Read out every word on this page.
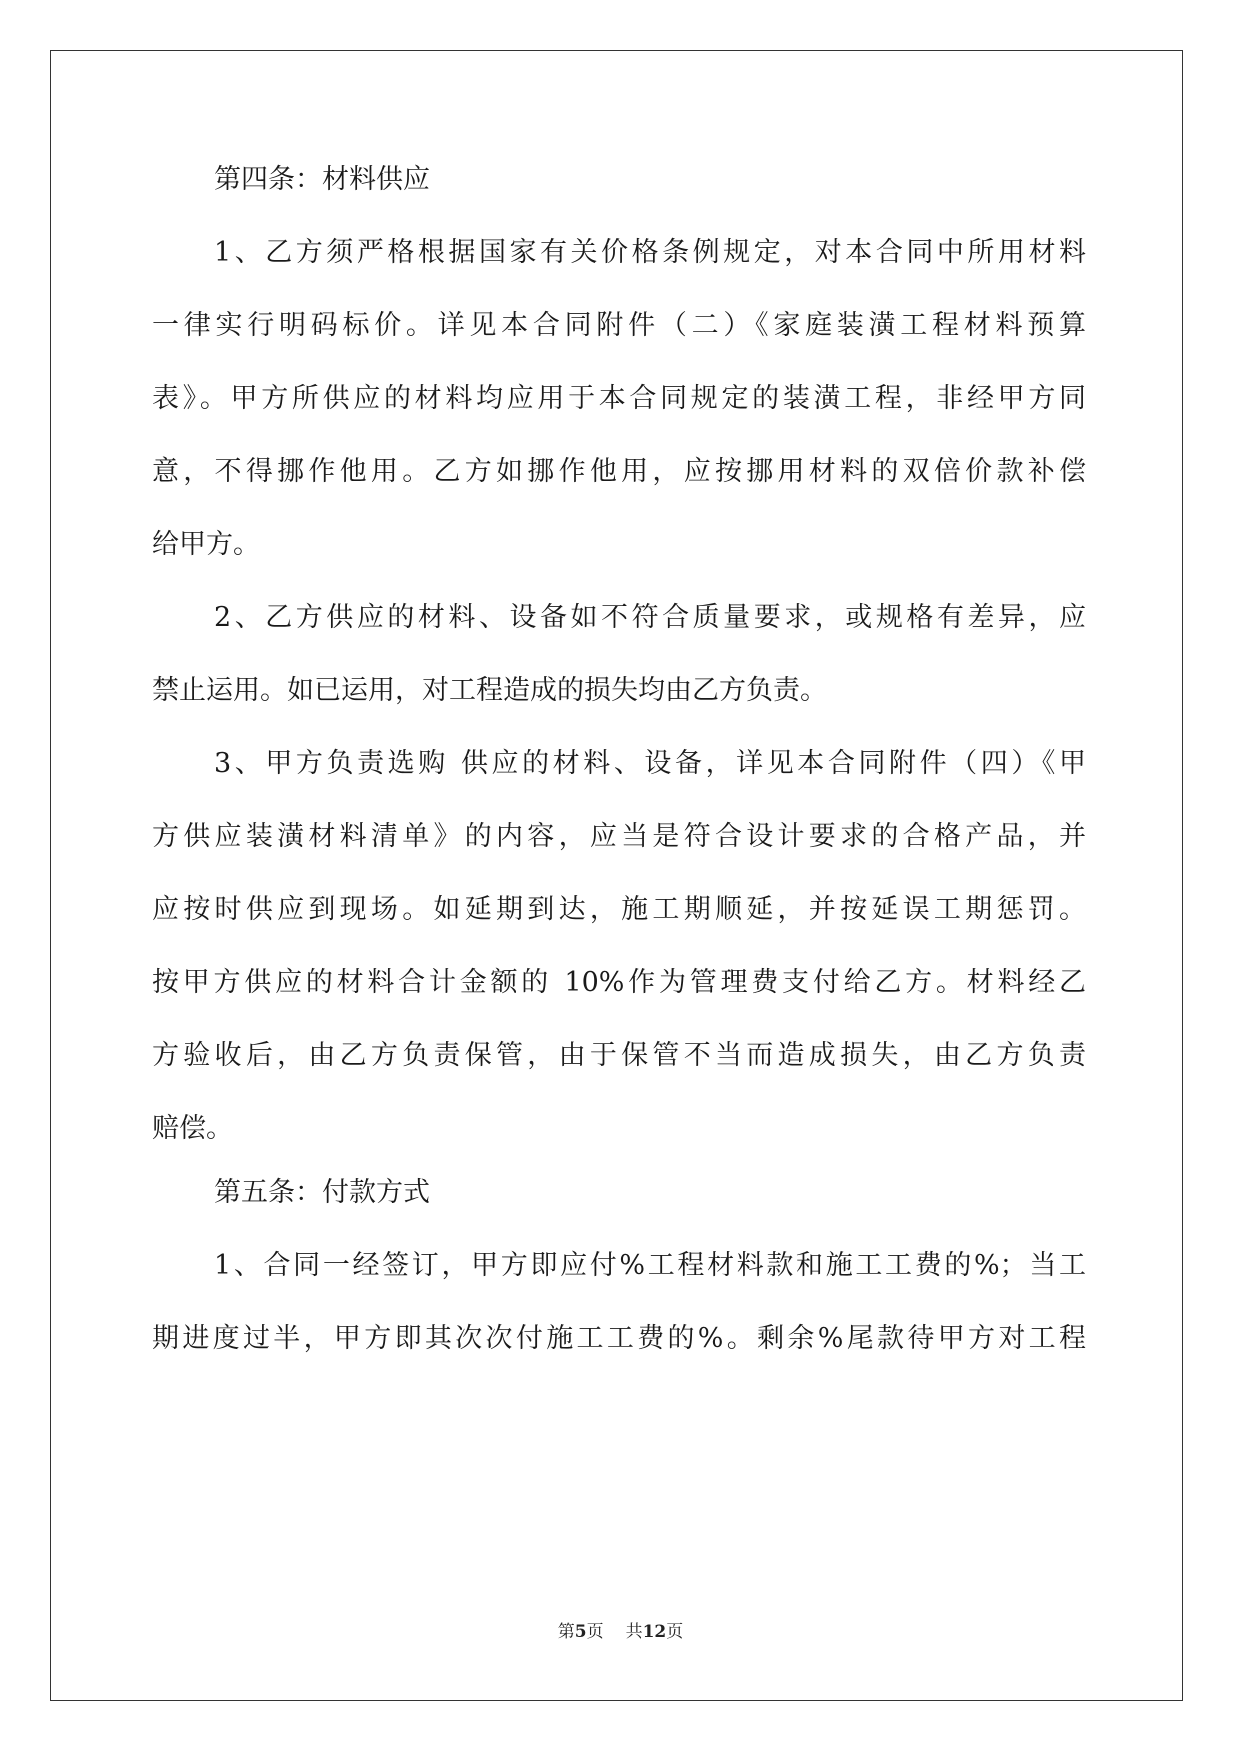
第四条：材料供应
1、乙方须严格根据国家有关价格条例规定，对本合同中所用材料
一律实行明码标价。详见本合同附件（二）《家庭装潢工程材料预算
表》。甲方所供应的材料均应用于本合同规定的装潢工程，非经甲方同
意，不得挪作他用。乙方如挪作他用，应按挪用材料的双倍价款补偿
给甲方。
2、乙方供应的材料、设备如不符合质量要求，或规格有差异，应
禁止运用。如已运用，对工程造成的损失均由乙方负责。
3、甲方负责选购 供应的材料、设备，详见本合同附件（四）《甲
方供应装潢材料清单》的内容，应当是符合设计要求的合格产品，并
应按时供应到现场。如延期到达，施工期顺延，并按延误工期惩罚。
按甲方供应的材料合计金额的 10%作为管理费支付给乙方。材料经乙
方验收后，由乙方负责保管，由于保管不当而造成损失，由乙方负责
赔偿。
第五条：付款方式
1、合同一经签订，甲方即应付%工程材料款和施工工费的%；当工
期进度过半，甲方即其次次付施工工费的%。剩余%尾款待甲方对工程
第5页 共12页
